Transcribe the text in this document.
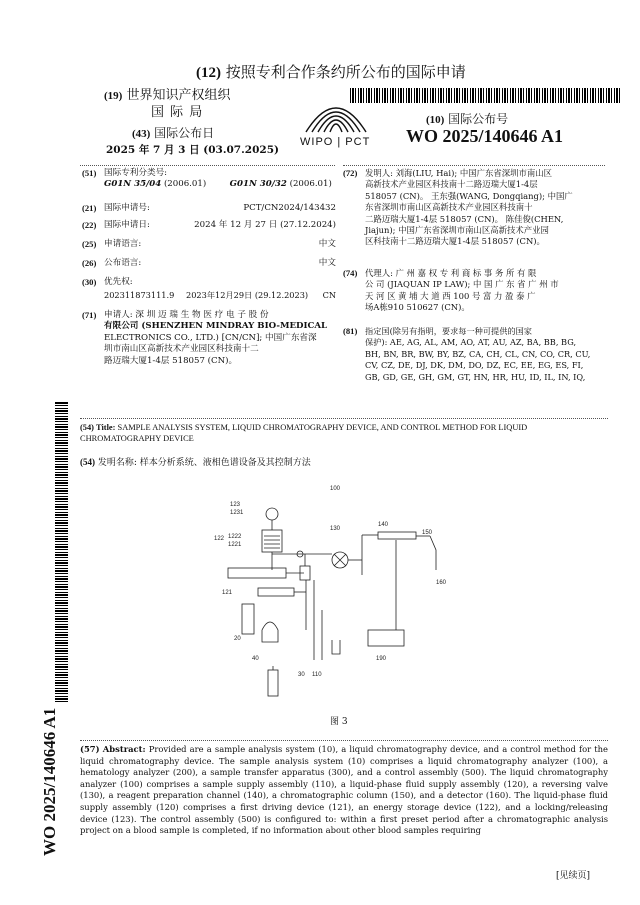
(12) 按照专利合作条约所公布的国际申请
(19) 世界知识产权组织
国 际 局
(43) 国际公布日
2025 年 7 月 3 日 (03.07.2025)
WIPO | PCT
(10) 国际公布号
WO 2025/140646 A1
(51) 国际专利分类号:
G01N 35/04 (2006.01)	G01N 30/32 (2006.01)
(21) 国际申请号:	PCT/CN2024/143432
(22) 国际申请日:	2024 年 12 月 27 日 (27.12.2024)
(25) 申请语言:	中文
(26) 公布语言:	中文
(30) 优先权:
202311873111.9 2023年12月29日 (29.12.2023) CN
(71) 申请人: 深 圳 迈 瑞 生 物 医 疗 电 子 股 份
有限公司 (SHENZHEN MINDRAY BIO-MEDICAL
ELECTRONICS CO., LTD.) [CN/CN]; 中国广东省深
圳市南山区高新技术产业园区科技南十二
路迈瑞大厦1-4层 518057 (CN)。
(72) 发明人: 刘海(LIU, Hai); 中国广东省深圳市南山区
高新技术产业园区科技南十二路迈瑞大厦1-4层
518057 (CN)。 王东强(WANG, Dongqiang); 中国广
东省深圳市南山区高新技术产业园区科技南十
二路迈瑞大厦1-4层 518057 (CN)。 陈佳俊(CHEN,
Jiajun); 中国广东省深圳市南山区高新技术产业园
区科技南十二路迈瑞大厦1-4层 518057 (CN)。
(74) 代理人: 广 州 嘉 权 专 利 商 标 事 务 所 有 限
公 司 (JIAQUAN IP LAW); 中 国 广 东 省 广 州 市
天 河 区 黄 埔 大 道 西 100 号 富 力 盈 泰 广
场A栋910 510627 (CN)。
(81) 指定国(除另有指明，要求每一种可提供的国家
保护): AE, AG, AL, AM, AO, AT, AU, AZ, BA, BB, BG,
BH, BN, BR, BW, BY, BZ, CA, CH, CL, CN, CO, CR, CU,
CV, CZ, DE, DJ, DK, DM, DO, DZ, EC, EE, EG, ES, FI,
GB, GD, GE, GH, GM, GT, HN, HR, HU, ID, IL, IN, IQ,
WO 2025/140646 A1
(54) Title: SAMPLE ANALYSIS SYSTEM, LIQUID CHROMATOGRAPHY DEVICE, AND CONTROL METHOD FOR LIQUID CHROMATOGRAPHY DEVICE
(54) 发明名称: 样本分析系统、液相色谱设备及其控制方法
100
123
1231
122 1222
1221
130
140
150
160
121
20
40
30 110
190
图 3
(57) Abstract: Provided are a sample analysis system (10), a liquid chromatography device, and a control method for the liquid chromatography device. The sample analysis system (10) comprises a liquid chromatography analyzer (100), a hematology analyzer (200), a sample transfer apparatus (300), and a control assembly (500). The liquid chromatography analyzer (100) comprises a sample supply assembly (110), a liquid-phase fluid supply assembly (120), a reversing valve (130), a reagent preparation channel (140), a chromatographic column (150), and a detector (160). The liquid-phase fluid supply assembly (120) comprises a first driving device (121), an energy storage device (122), and a locking/releasing device (123). The control assembly (500) is configured to: within a first preset period after a chromatographic analysis project on a blood sample is completed, if no information about other blood samples requiring
[见续页]
